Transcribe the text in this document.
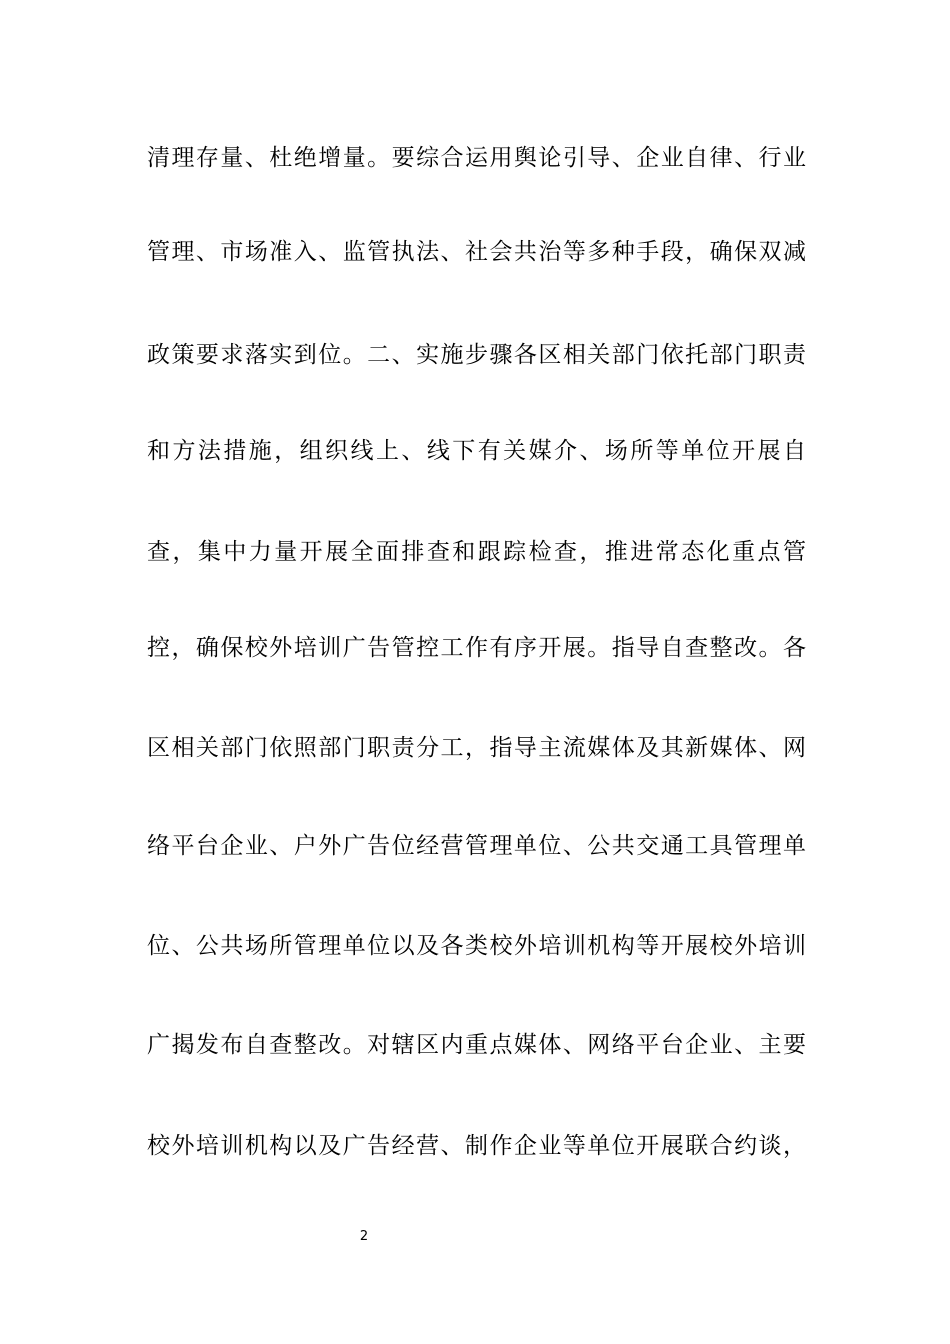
清理存量、杜绝增量。要综合运用舆论引导、企业自律、行业
管理、市场准入、监管执法、社会共治等多种手段，确保双减
政策要求落实到位。二、实施步骤各区相关部门依托部门职责
和方法措施，组织线上、线下有关媒介、场所等单位开展自
查，集中力量开展全面排查和跟踪检查，推进常态化重点管
控，确保校外培训广告管控工作有序开展。指导自查整改。各
区相关部门依照部门职责分工，指导主流媒体及其新媒体、网
络平台企业、户外广告位经营管理单位、公共交通工具管理单
位、公共场所管理单位以及各类校外培训机构等开展校外培训
广揭发布自查整改。对辖区内重点媒体、网络平台企业、主要
校外培训机构以及广告经营、制作企业等单位开展联合约谈，
2
